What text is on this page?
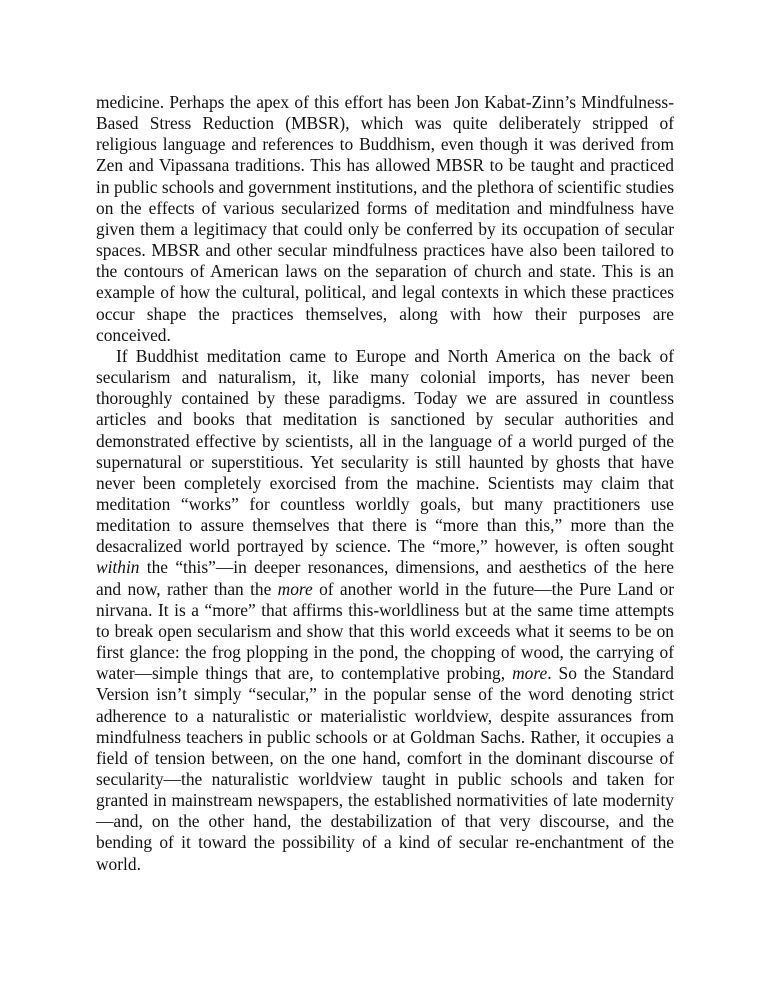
medicine. Perhaps the apex of this effort has been Jon Kabat-Zinn’s Mindfulness-Based Stress Reduction (MBSR), which was quite deliberately stripped of religious language and references to Buddhism, even though it was derived from Zen and Vipassana traditions. This has allowed MBSR to be taught and practiced in public schools and government institutions, and the plethora of scientific studies on the effects of various secularized forms of meditation and mindfulness have given them a legitimacy that could only be conferred by its occupation of secular spaces. MBSR and other secular mindfulness practices have also been tailored to the contours of American laws on the separation of church and state. This is an example of how the cultural, political, and legal contexts in which these practices occur shape the practices themselves, along with how their purposes are conceived.

If Buddhist meditation came to Europe and North America on the back of secularism and naturalism, it, like many colonial imports, has never been thoroughly contained by these paradigms. Today we are assured in countless articles and books that meditation is sanctioned by secular authorities and demonstrated effective by scientists, all in the language of a world purged of the supernatural or superstitious. Yet secularity is still haunted by ghosts that have never been completely exorcised from the machine. Scientists may claim that meditation “works” for countless worldly goals, but many practitioners use meditation to assure themselves that there is “more than this,” more than the desacralized world portrayed by science. The “more,” however, is often sought within the “this”—in deeper resonances, dimensions, and aesthetics of the here and now, rather than the more of another world in the future—the Pure Land or nirvana. It is a “more” that affirms this-worldliness but at the same time attempts to break open secularism and show that this world exceeds what it seems to be on first glance: the frog plopping in the pond, the chopping of wood, the carrying of water—simple things that are, to contemplative probing, more. So the Standard Version isn’t simply “secular,” in the popular sense of the word denoting strict adherence to a naturalistic or materialistic worldview, despite assurances from mindfulness teachers in public schools or at Goldman Sachs. Rather, it occupies a field of tension between, on the one hand, comfort in the dominant discourse of secularity—the naturalistic worldview taught in public schools and taken for granted in mainstream newspapers, the established normativities of late modernity—and, on the other hand, the destabilization of that very discourse, and the bending of it toward the possibility of a kind of secular re-enchantment of the world.
